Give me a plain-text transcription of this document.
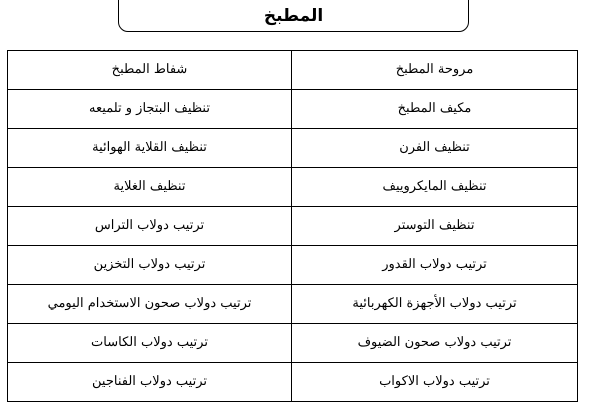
المطبخ
مروحة المطبخ	شفاط المطبخ
مكيف المطبخ	تنظيف البتجاز و تلميعه
تنظيف الفرن	تنظيف القلاية الهوائية
تنظيف المايكروييف	تنظيف الغلاية
تنظيف التوستر	ترتيب دولاب التراس
ترتيب دولاب القدور	ترتيب دولاب التخزين
ترتيب دولاب الأجهزة الكهربائية	ترتيب دولاب صحون الاستخدام اليومي
ترتيب دولاب صحون الضيوف	ترتيب دولاب الكاسات
ترتيب دولاب الاكواب	ترتيب دولاب الفناجين
